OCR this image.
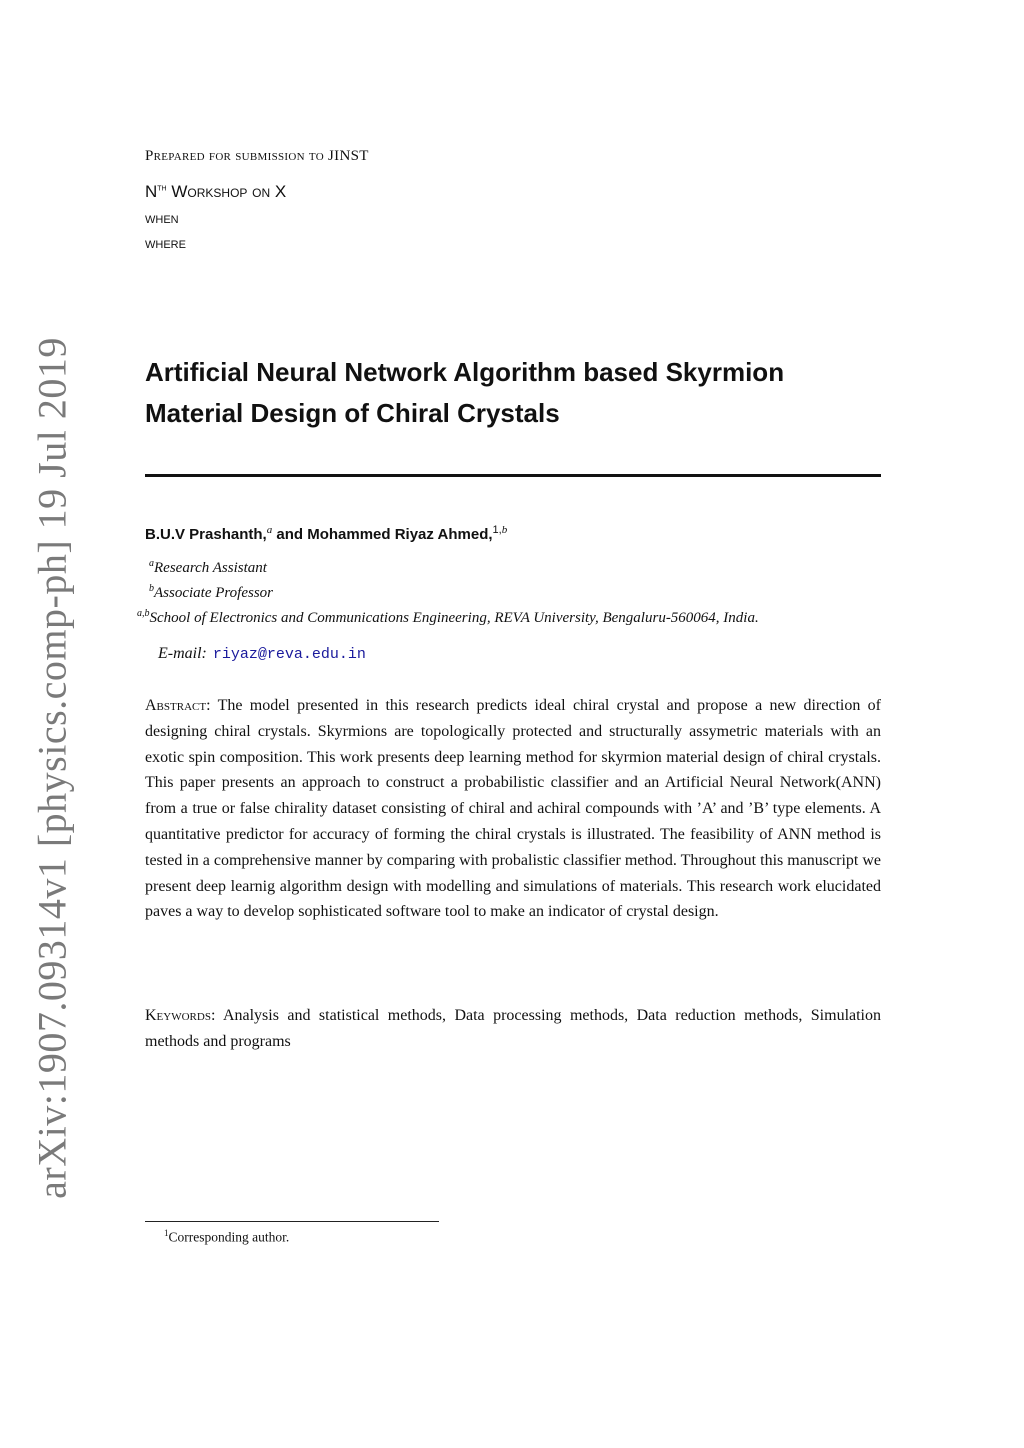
arXiv:1907.09314v1 [physics.comp-ph] 19 Jul 2019
Prepared for submission to JINST
$N^{th}$ Workshop on X
when
where
Artificial Neural Network Algorithm based Skyrmion Material Design of Chiral Crystals
B.U.V Prashanth,$^a$ and Mohammed Riyaz Ahmed,$^{1,b}$
$^a$Research Assistant
$^b$Associate Professor
$^{a,b}$School of Electronics and Communications Engineering, REVA University, Bengaluru-560064, India.
E-mail: riyaz@reva.edu.in

Abstract: The model presented in this research predicts ideal chiral crystal and propose a new direction of designing chiral crystals. Skyrmions are topologically protected and structurally assymetric materials with an exotic spin composition. This work presents deep learning method for skyrmion material design of chiral crystals. This paper presents an approach to construct a probabilistic classifier and an Artificial Neural Network(ANN) from a true or false chirality dataset consisting of chiral and achiral compounds with ’A’ and ’B’ type elements. A quantitative predictor for accuracy of forming the chiral crystals is illustrated. The feasibility of ANN method is tested in a comprehensive manner by comparing with probalistic classifier method. Throughout this manuscript we present deep learnig algorithm design with modelling and simulations of materials. This research work elucidated paves a way to develop sophisticated software tool to make an indicator of crystal design.

Keywords: Analysis and statistical methods, Data processing methods, Data reduction methods, Simulation methods and programs

$^1$Corresponding author.
